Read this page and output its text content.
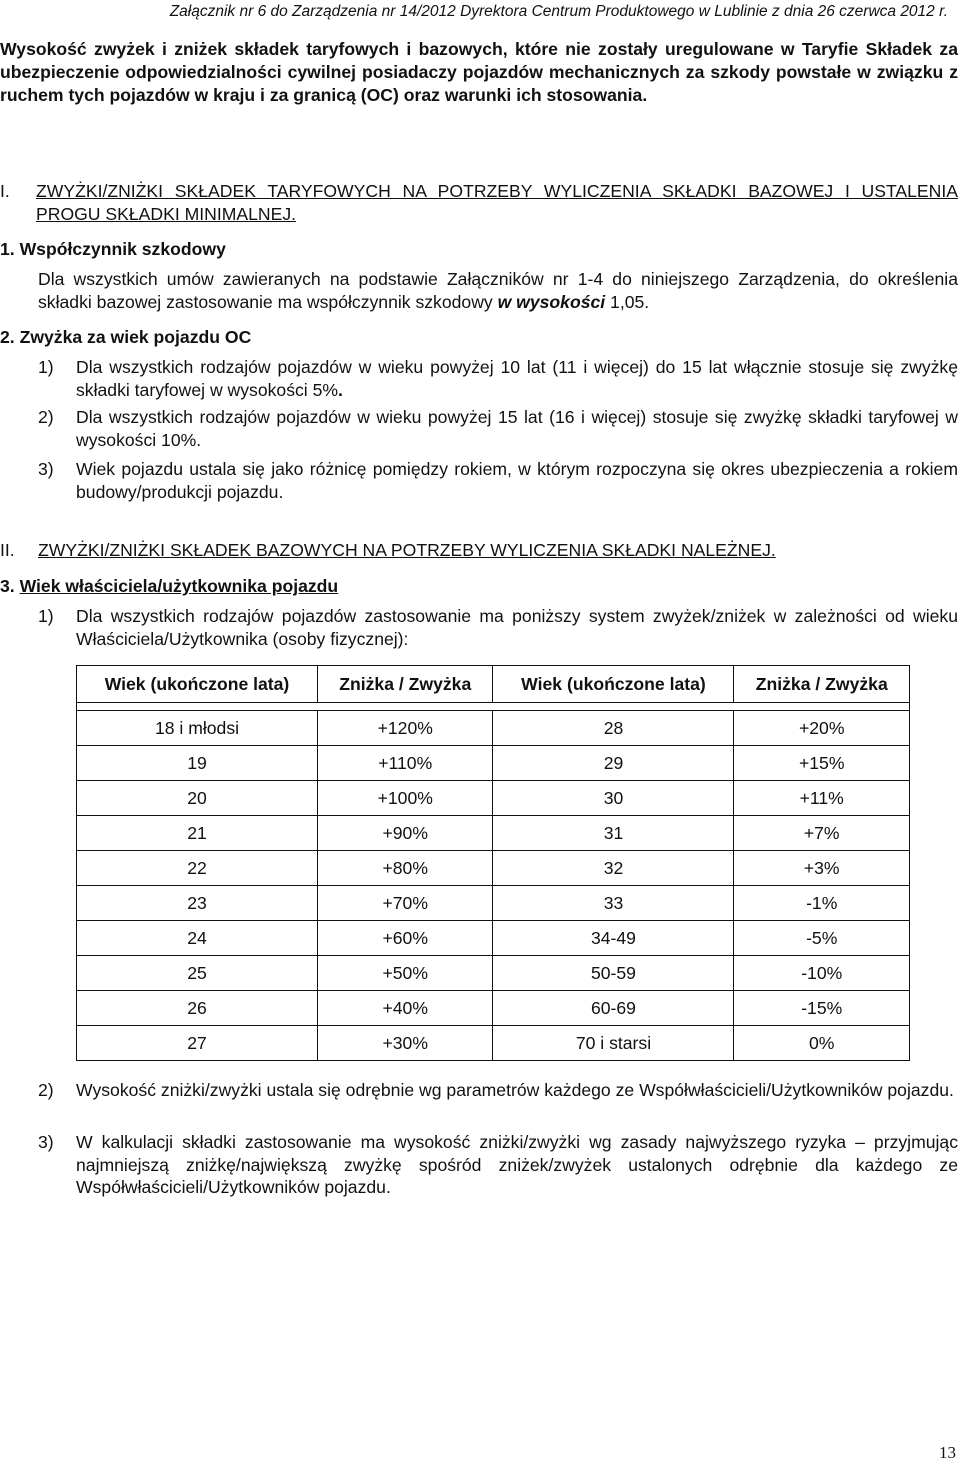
Załącznik nr 6 do Zarządzenia nr 14/2012 Dyrektora Centrum Produktowego w Lublinie z dnia 26 czerwca 2012 r.
Wysokość zwyżek i zniżek składek taryfowych i bazowych, które nie zostały uregulowane w Taryfie Składek za ubezpieczenie odpowiedzialności cywilnej posiadaczy pojazdów mechanicznych za szkody powstałe w związku z ruchem tych pojazdów w kraju i za granicą (OC) oraz warunki ich stosowania.
I.	ZWYŻKI/ZNIŻKI SKŁADEK TARYFOWYCH NA POTRZEBY WYLICZENIA SKŁADKI BAZOWEJ I USTALENIA PROGU SKŁADKI MINIMALNEJ.
1. Współczynnik szkodowy
Dla wszystkich umów zawieranych na podstawie Załączników nr 1-4 do niniejszego Zarządzenia, do określenia składki bazowej zastosowanie ma współczynnik szkodowy w wysokości 1,05.
2. Zwyżka za wiek pojazdu OC
1)	Dla wszystkich rodzajów pojazdów w wieku powyżej 10 lat (11 i więcej) do 15 lat włącznie stosuje się zwyżkę składki taryfowej w wysokości 5%.
2)	Dla wszystkich rodzajów pojazdów w wieku powyżej 15 lat (16 i więcej) stosuje się zwyżkę składki taryfowej w wysokości 10%.
3)	Wiek pojazdu ustala się jako różnicę pomiędzy rokiem, w którym rozpoczyna się okres ubezpieczenia a rokiem budowy/produkcji pojazdu.
II.	ZWYŻKI/ZNIŻKI SKŁADEK BAZOWYCH NA POTRZEBY WYLICZENIA SKŁADKI NALEŻNEJ.
3. Wiek właściciela/użytkownika pojazdu
1)	Dla wszystkich rodzajów pojazdów zastosowanie ma poniższy system zwyżek/zniżek w zależności od wieku Właściciela/Użytkownika (osoby fizycznej):
Wiek (ukończone lata)	Zniżka / Zwyżka	Wiek (ukończone lata)	Zniżka / Zwyżka

18 i młodsi	+120%	28	+20%
19	+110%	29	+15%
20	+100%	30	+11%
21	+90%	31	+7%
22	+80%	32	+3%
23	+70%	33	-1%
24	+60%	34-49	-5%
25	+50%	50-59	-10%
26	+40%	60-69	-15%
27	+30%	70 i starsi	0%
2)	Wysokość zniżki/zwyżki ustala się odrębnie wg parametrów każdego ze Współwłaścicieli/Użytkowników pojazdu.
3)	W kalkulacji składki zastosowanie ma wysokość zniżki/zwyżki wg zasady najwyższego ryzyka – przyjmując najmniejszą zniżkę/największą zwyżkę spośród zniżek/zwyżek ustalonych odrębnie dla każdego ze Współwłaścicieli/Użytkowników pojazdu.
13
